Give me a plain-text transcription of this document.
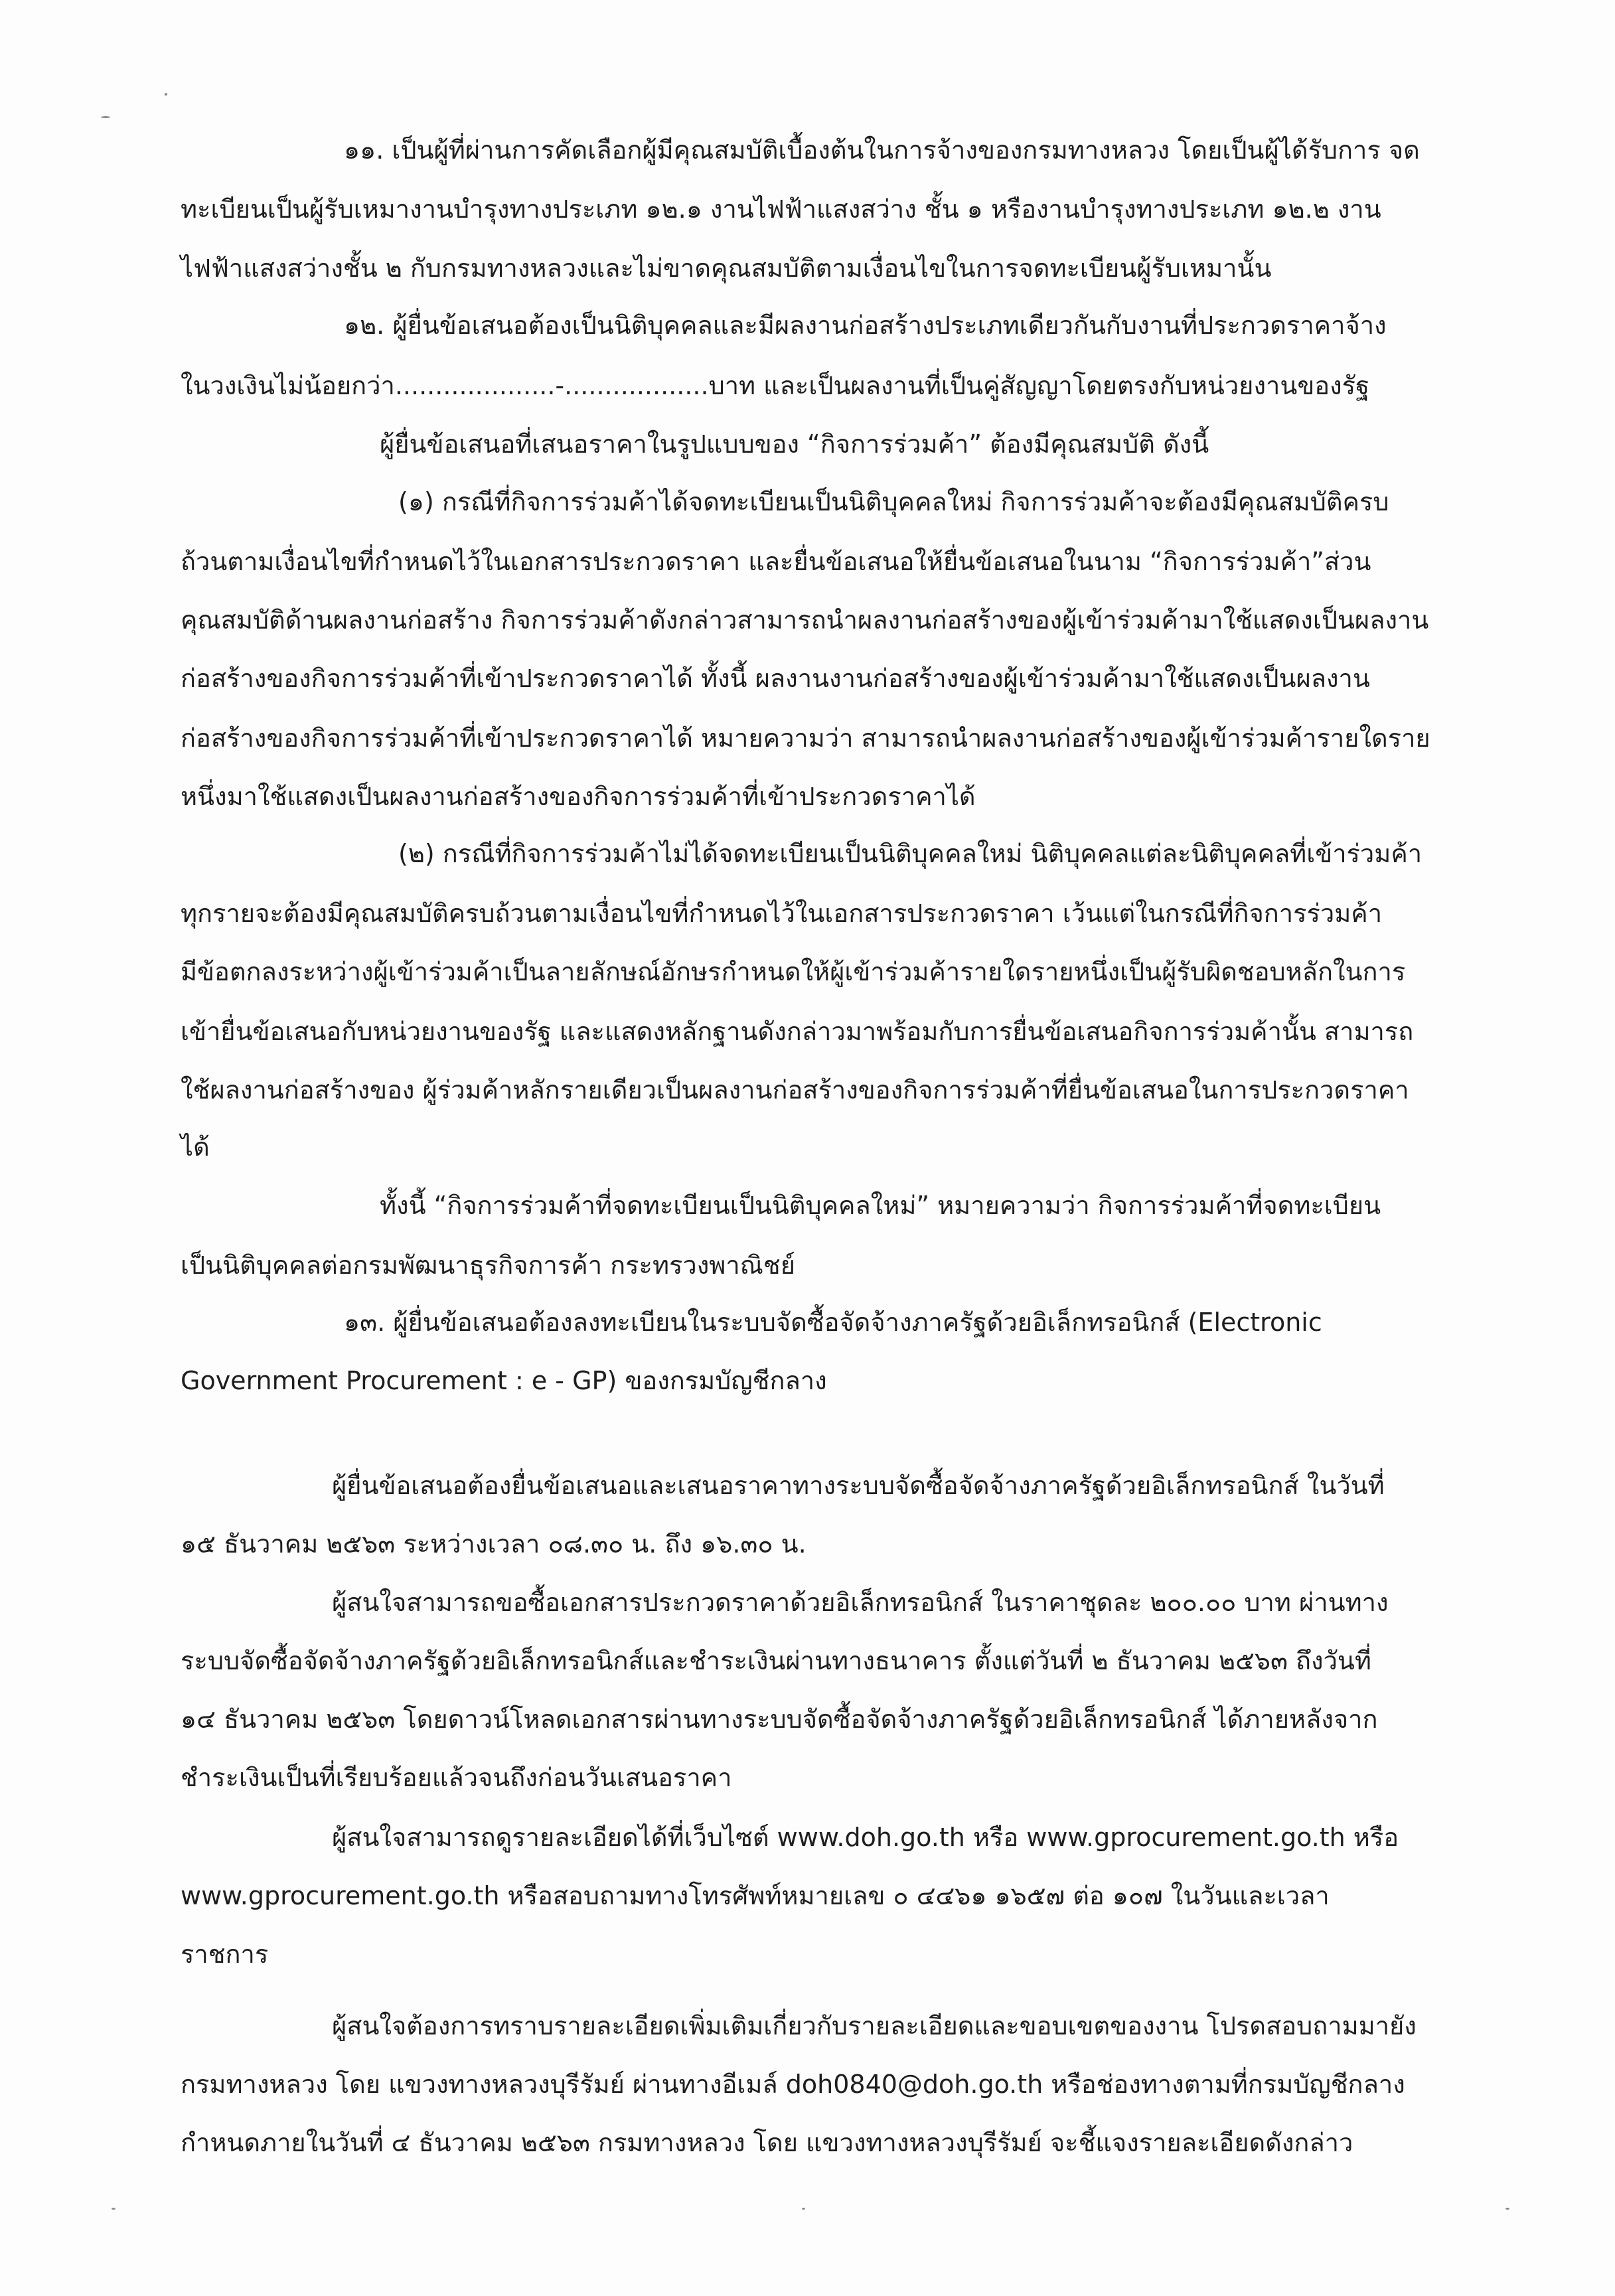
๑๑. เป็นผู้ที่ผ่านการคัดเลือกผู้มีคุณสมบัติเบื้องต้นในการจ้างของกรมทางหลวง โดยเป็นผู้ได้รับการ จด
ทะเบียนเป็นผู้รับเหมางานบำรุงทางประเภท ๑๒.๑ งานไฟฟ้าแสงสว่าง ชั้น ๑ หรืองานบำรุงทางประเภท ๑๒.๒ งาน
ไฟฟ้าแสงสว่างชั้น ๒ กับกรมทางหลวงและไม่ขาดคุณสมบัติตามเงื่อนไขในการจดทะเบียนผู้รับเหมานั้น
๑๒. ผู้ยื่นข้อเสนอต้องเป็นนิติบุคคลและมีผลงานก่อสร้างประเภทเดียวกันกับงานที่ประกวดราคาจ้าง
ในวงเงินไม่น้อยกว่า....................-..................บาท และเป็นผลงานที่เป็นคู่สัญญาโดยตรงกับหน่วยงานของรัฐ
ผู้ยื่นข้อเสนอที่เสนอราคาในรูปแบบของ “กิจการร่วมค้า” ต้องมีคุณสมบัติ ดังนี้
(๑) กรณีที่กิจการร่วมค้าได้จดทะเบียนเป็นนิติบุคคลใหม่ กิจการร่วมค้าจะต้องมีคุณสมบัติครบ
ถ้วนตามเงื่อนไขที่กำหนดไว้ในเอกสารประกวดราคา และยื่นข้อเสนอให้ยื่นข้อเสนอในนาม “กิจการร่วมค้า”ส่วน
คุณสมบัติด้านผลงานก่อสร้าง กิจการร่วมค้าดังกล่าวสามารถนำผลงานก่อสร้างของผู้เข้าร่วมค้ามาใช้แสดงเป็นผลงาน
ก่อสร้างของกิจการร่วมค้าที่เข้าประกวดราคาได้ ทั้งนี้ ผลงานงานก่อสร้างของผู้เข้าร่วมค้ามาใช้แสดงเป็นผลงาน
ก่อสร้างของกิจการร่วมค้าที่เข้าประกวดราคาได้ หมายความว่า สามารถนำผลงานก่อสร้างของผู้เข้าร่วมค้ารายใดราย
หนึ่งมาใช้แสดงเป็นผลงานก่อสร้างของกิจการร่วมค้าที่เข้าประกวดราคาได้
(๒) กรณีที่กิจการร่วมค้าไม่ได้จดทะเบียนเป็นนิติบุคคลใหม่ นิติบุคคลแต่ละนิติบุคคลที่เข้าร่วมค้า
ทุกรายจะต้องมีคุณสมบัติครบถ้วนตามเงื่อนไขที่กำหนดไว้ในเอกสารประกวดราคา เว้นแต่ในกรณีที่กิจการร่วมค้า
มีข้อตกลงระหว่างผู้เข้าร่วมค้าเป็นลายลักษณ์อักษรกำหนดให้ผู้เข้าร่วมค้ารายใดรายหนึ่งเป็นผู้รับผิดชอบหลักในการ
เข้ายื่นข้อเสนอกับหน่วยงานของรัฐ และแสดงหลักฐานดังกล่าวมาพร้อมกับการยื่นข้อเสนอกิจการร่วมค้านั้น สามารถ
ใช้ผลงานก่อสร้างของ ผู้ร่วมค้าหลักรายเดียวเป็นผลงานก่อสร้างของกิจการร่วมค้าที่ยื่นข้อเสนอในการประกวดราคา
ได้
ทั้งนี้ “กิจการร่วมค้าที่จดทะเบียนเป็นนิติบุคคลใหม่” หมายความว่า กิจการร่วมค้าที่จดทะเบียน
เป็นนิติบุคคลต่อกรมพัฒนาธุรกิจการค้า กระทรวงพาณิชย์
๑๓. ผู้ยื่นข้อเสนอต้องลงทะเบียนในระบบจัดซื้อจัดจ้างภาครัฐด้วยอิเล็กทรอนิกส์ (Electronic
Government Procurement : e - GP) ของกรมบัญชีกลาง
ผู้ยื่นข้อเสนอต้องยื่นข้อเสนอและเสนอราคาทางระบบจัดซื้อจัดจ้างภาครัฐด้วยอิเล็กทรอนิกส์ ในวันที่
๑๕ ธันวาคม ๒๕๖๓ ระหว่างเวลา ๐๘.๓๐ น. ถึง ๑๖.๓๐ น.
ผู้สนใจสามารถขอซื้อเอกสารประกวดราคาด้วยอิเล็กทรอนิกส์ ในราคาชุดละ ๒๐๐.๐๐ บาท ผ่านทาง
ระบบจัดซื้อจัดจ้างภาครัฐด้วยอิเล็กทรอนิกส์และชำระเงินผ่านทางธนาคาร ตั้งแต่วันที่ ๒ ธันวาคม ๒๕๖๓ ถึงวันที่
๑๔ ธันวาคม ๒๕๖๓ โดยดาวน์โหลดเอกสารผ่านทางระบบจัดซื้อจัดจ้างภาครัฐด้วยอิเล็กทรอนิกส์ ได้ภายหลังจาก
ชำระเงินเป็นที่เรียบร้อยแล้วจนถึงก่อนวันเสนอราคา
ผู้สนใจสามารถดูรายละเอียดได้ที่เว็บไซต์ www.doh.go.th หรือ www.gprocurement.go.th หรือ
www.gprocurement.go.th หรือสอบถามทางโทรศัพท์หมายเลข ๐ ๔๔๖๑ ๑๖๕๗ ต่อ ๑๐๗ ในวันและเวลา
ราชการ
ผู้สนใจต้องการทราบรายละเอียดเพิ่มเติมเกี่ยวกับรายละเอียดและขอบเขตของงาน โปรดสอบถามมายัง
กรมทางหลวง โดย แขวงทางหลวงบุรีรัมย์ ผ่านทางอีเมล์ doh0840@doh.go.th หรือช่องทางตามที่กรมบัญชีกลาง
กำหนดภายในวันที่ ๔ ธันวาคม ๒๕๖๓ กรมทางหลวง โดย แขวงทางหลวงบุรีรัมย์ จะชี้แจงรายละเอียดดังกล่าว
